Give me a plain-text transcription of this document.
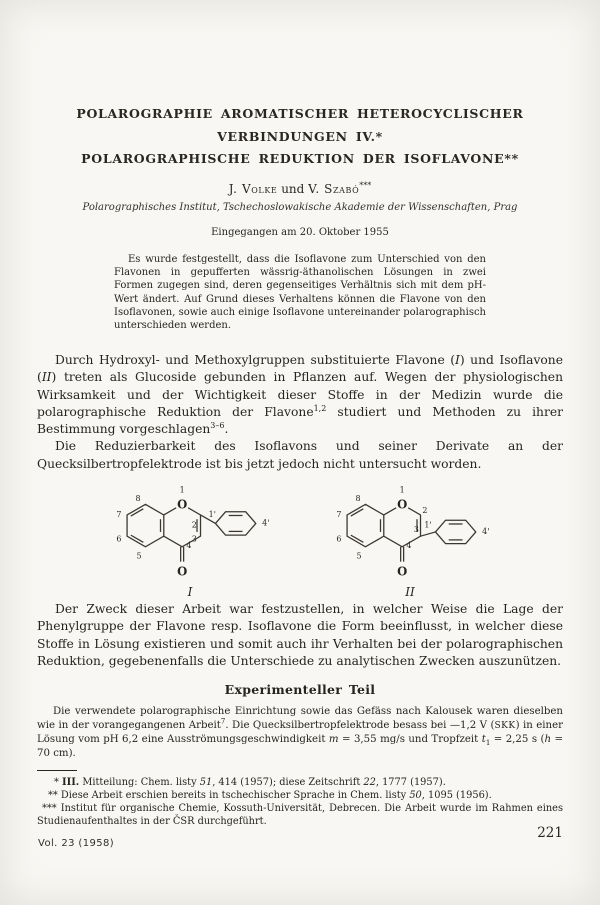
POLAROGRAPHIE AROMATISCHER HETEROCYCLISCHER
VERBINDUNGEN IV.*
POLAROGRAPHISCHE REDUKTION DER ISOFLAVONE**
J. Volke und V. Szabó***
Polarographisches Institut, Tschechoslowakische Akademie der Wissenschaften, Prag
Eingegangen am 20. Oktober 1955
Es wurde festgestellt, dass die Isoflavone zum Unterschied von den Flavonen in gepufferten wässrig-äthanolischen Lösungen in zwei Formen zugegen sind, deren gegenseitiges Verhältnis sich mit dem pH-Wert ändert. Auf Grund dieses Verhaltens können die Flavone von den Isoflavonen, sowie auch einige Isoflavone untereinander polarographisch unterschieden werden.

Durch Hydroxyl- und Methoxylgruppen substituierte Flavone (I) und Isoflavone (II) treten als Glucoside gebunden in Pflanzen auf. Wegen der physiologischen Wirksamkeit und der Wichtigkeit dieser Stoffe in der Medizin wurde die polarographische Reduktion der Flavone$^{1,2}$ studiert und Methoden zu ihrer Bestimmung vorgeschlagen$^{3-6}$.

Die Reduzierbarkeit des Isoflavons und seiner Derivate an der Quecksilbertropfelektrode ist bis jetzt jedoch nicht untersucht worden.

O
O
1
8
7
6
5
2
3
4
1'
4'
I
O
O
1
8
7
6
5
2
3
4
1'
4'
II

Der Zweck dieser Arbeit war festzustellen, in welcher Weise die Lage der Phenylgruppe der Flavone resp. Isoflavone die Form beeinflusst, in welcher diese Stoffe in Lösung existieren und somit auch ihr Verhalten bei der polarographischen Reduktion, gegebenenfalls die Unterschiede zu analytischen Zwecken auszunützen.

Experimenteller Teil

Die verwendete polarographische Einrichtung sowie das Gefäss nach Kalousek waren dieselben wie in der vorangegangenen Arbeit$^7$. Die Quecksilbertropfelektrode besass bei —1,2 V (SKK) in einer Lösung vom pH 6,2 eine Ausströmungsgeschwindigkeit m = 3,55 mg/s und Tropfzeit $t_1 = 2,25$ s (h = 70 cm).

* III. Mitteilung: Chem. listy 51, 414 (1957); diese Zeitschrift 22, 1777 (1957).

** Diese Arbeit erschien bereits in tschechischer Sprache in Chem. listy 50, 1095 (1956).

*** Institut für organische Chemie, Kossuth-Universität, Debrecen. Die Arbeit wurde im Rahmen eines Studienaufenthaltes in der ČSR durchgeführt.

Vol. 23 (1958)
221
